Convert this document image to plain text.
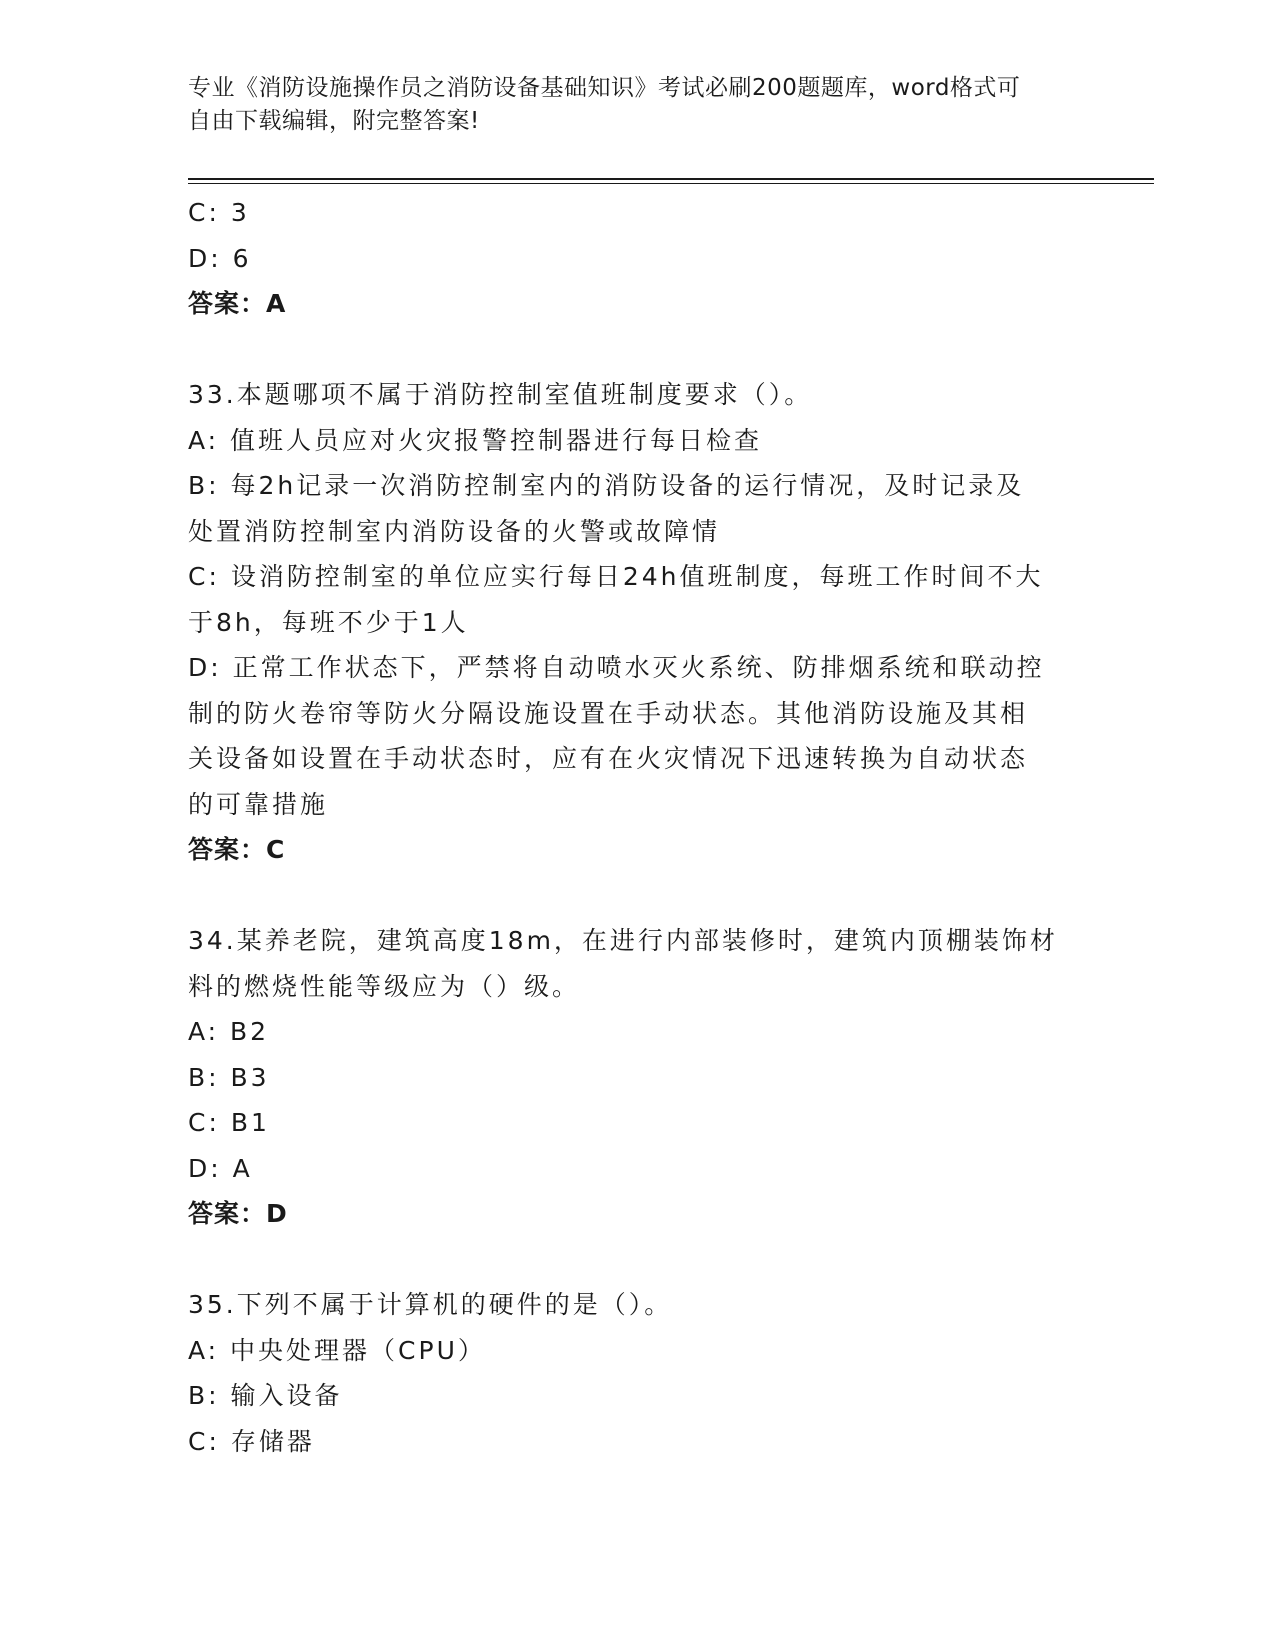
专业《消防设施操作员之消防设备基础知识》考试必刷200题题库，word格式可
自由下载编辑，附完整答案!

C: 3

D: 6

答案：A

33.本题哪项不属于消防控制室值班制度要求（）。

A: 值班人员应对火灾报警控制器进行每日检查

B: 每2h记录一次消防控制室内的消防设备的运行情况，及时记录及

处置消防控制室内消防设备的火警或故障情

C: 设消防控制室的单位应实行每日24h值班制度，每班工作时间不大

于8h，每班不少于1人

D: 正常工作状态下，严禁将自动喷水灭火系统、防排烟系统和联动控

制的防火卷帘等防火分隔设施设置在手动状态。其他消防设施及其相

关设备如设置在手动状态时，应有在火灾情况下迅速转换为自动状态

的可靠措施

答案：C

34.某养老院，建筑高度18m，在进行内部装修时，建筑内顶棚装饰材

料的燃烧性能等级应为（）级。

A: B2

B: B3

C: B1

D: A

答案：D

35.下列不属于计算机的硬件的是（）。

A: 中央处理器（CPU）

B: 输入设备

C: 存储器
